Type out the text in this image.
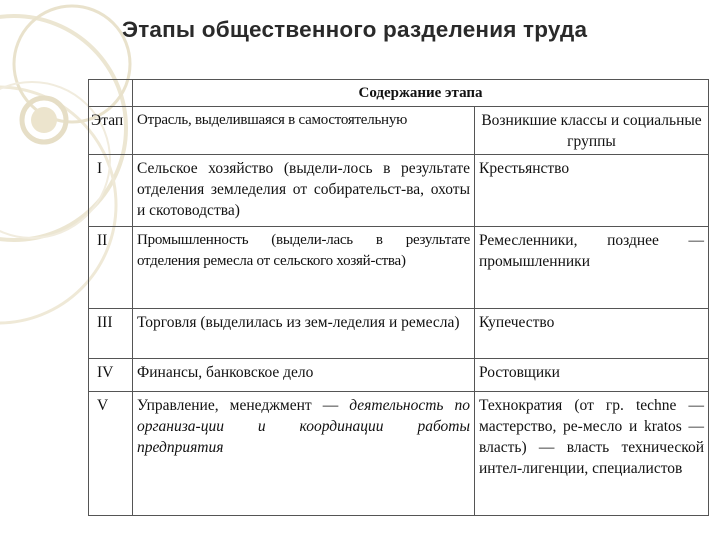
Этапы общественного разделения труда
	Содержание этапа	
Этап	Отрасль, выделившаяся в самостоятельную	Возникшие классы и социальные группы
I	Сельское хозяйство (выдели-лось в результате отделения земледелия от собирательст-ва, охоты и скотоводства)	Крестьянство
II	Промышленность (выдели-лась в результате отделения ремесла от сельского хозяй-ства)	Ремесленники, позднее — промышленники
III	Торговля (выделилась из зем-леделия и ремесла)	Купечество
IV	Финансы, банковское дело	Ростовщики
V	Управление, менеджмент — деятельность по организа-ции и координации работы предприятия	Технократия (от гр. techne — мастерство, ре-месло и kratos — власть) — власть технической интел-лигенции, специалистов
